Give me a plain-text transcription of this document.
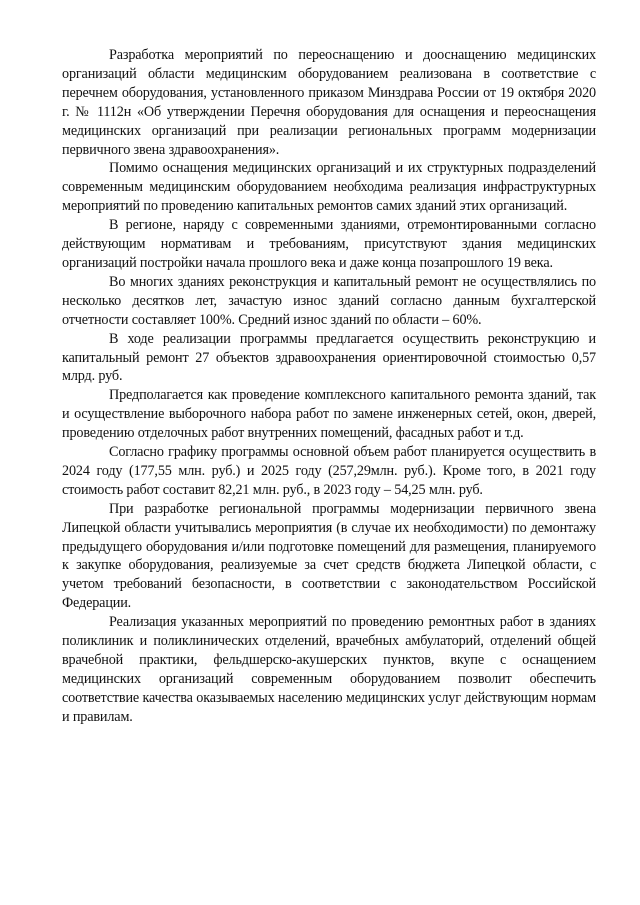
Разработка мероприятий по переоснащению и дооснащению медицинских организаций области медицинским оборудованием реализована в соответствие с перечнем оборудования, установленного приказом Минздрава России от 19 октября 2020 г. № 1112н «Об утверждении Перечня оборудования для оснащения и переоснащения медицинских организаций при реализации региональных программ модернизации первичного звена здравоохранения».

Помимо оснащения медицинских организаций и их структурных подразделений современным медицинским оборудованием необходима реализация инфраструктурных мероприятий по проведению капитальных ремонтов самих зданий этих организаций.

В регионе, наряду с современными зданиями, отремонтированными согласно действующим нормативам и требованиям, присутствуют здания медицинских организаций постройки начала прошлого века и даже конца позапрошлого 19 века.

Во многих зданиях реконструкция и капитальный ремонт не осуществлялись по несколько десятков лет, зачастую износ зданий согласно данным бухгалтерской отчетности составляет 100%. Средний износ зданий по области – 60%.

В ходе реализации программы предлагается осуществить реконструкцию и капитальный ремонт 27 объектов здравоохранения ориентировочной стоимостью 0,57 млрд. руб.

Предполагается как проведение комплексного капитального ремонта зданий, так и осуществление выборочного набора работ по замене инженерных сетей, окон, дверей, проведению отделочных работ внутренних помещений, фасадных работ и т.д.

Согласно графику программы основной объем работ планируется осуществить в 2024 году (177,55 млн. руб.) и 2025 году (257,29млн. руб.). Кроме того, в 2021 году стоимость работ составит 82,21 млн. руб., в 2023 году – 54,25 млн. руб.

При разработке региональной программы модернизации первичного звена Липецкой области учитывались мероприятия (в случае их необходимости) по демонтажу предыдущего оборудования и/или подготовке помещений для размещения, планируемого к закупке оборудования, реализуемые за счет средств бюджета Липецкой области, с учетом требований безопасности, в соответствии с законодательством Российской Федерации.

Реализация указанных мероприятий по проведению ремонтных работ в зданиях поликлиник и поликлинических отделений, врачебных амбулаторий, отделений общей врачебной практики, фельдшерско-акушерских пунктов, вкупе с оснащением медицинских организаций современным оборудованием позволит обеспечить соответствие качества оказываемых населению медицинских услуг действующим нормам и правилам.
